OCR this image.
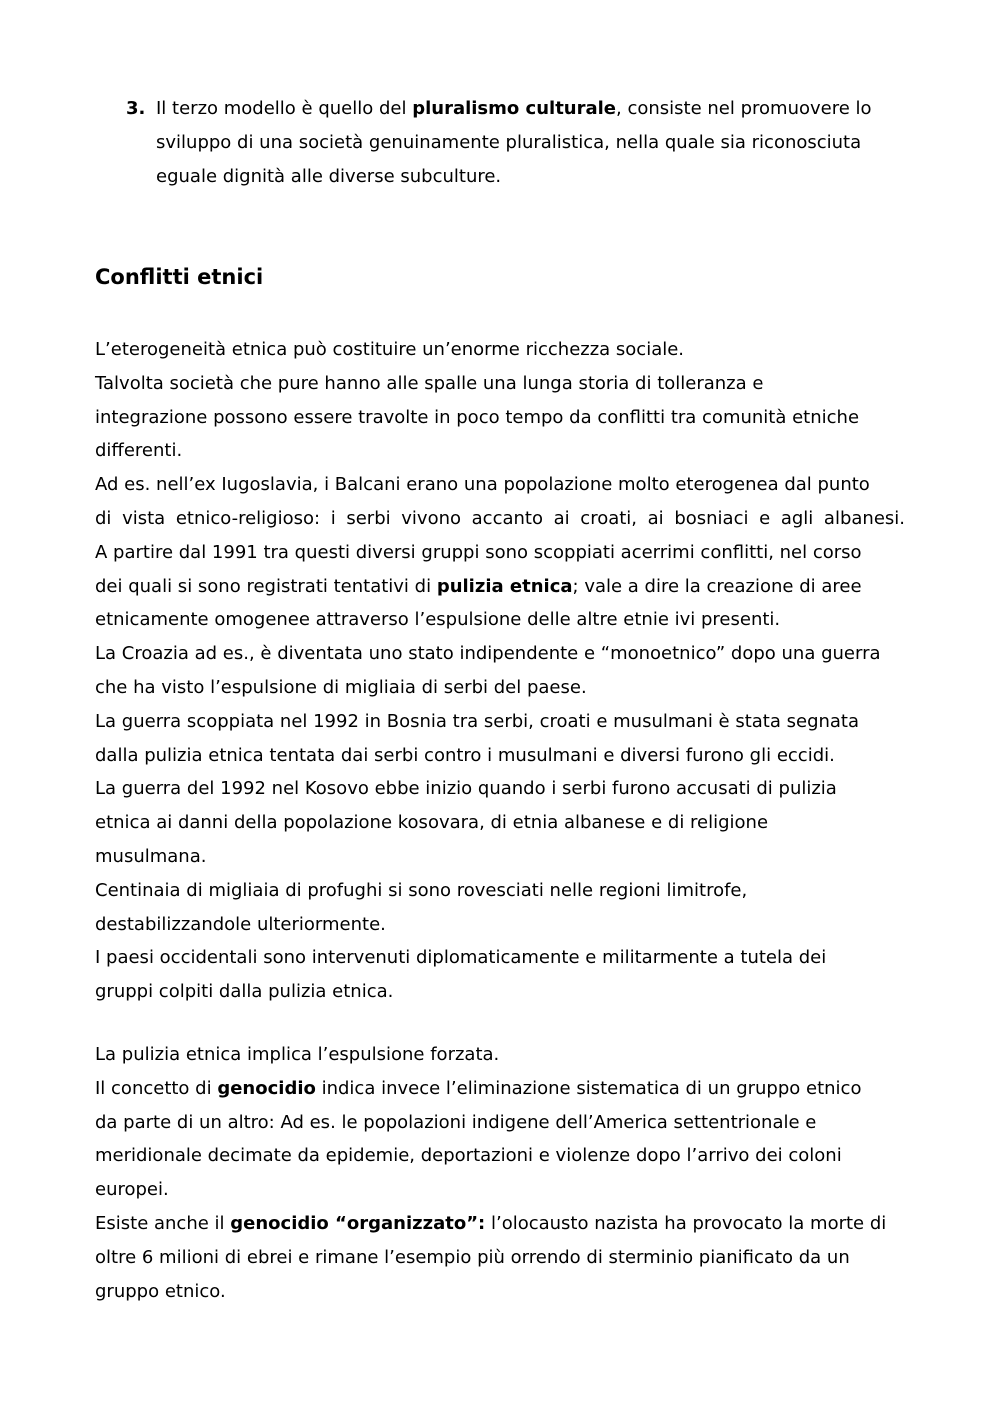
3. Il terzo modello è quello del pluralismo culturale, consiste nel promuovere lo
sviluppo di una società genuinamente pluralistica, nella quale sia riconosciuta
eguale dignità alle diverse subculture.
Conflitti etnici
L’eterogeneità etnica può costituire un’enorme ricchezza sociale.
Talvolta società che pure hanno alle spalle una lunga storia di tolleranza e
integrazione possono essere travolte in poco tempo da conflitti tra comunità etniche
differenti.
Ad es. nell’ex Iugoslavia, i Balcani erano una popolazione molto eterogenea dal punto
di vista etnico-religioso: i serbi vivono accanto ai croati, ai bosniaci e agli albanesi.
A partire dal 1991 tra questi diversi gruppi sono scoppiati acerrimi conflitti, nel corso
dei quali si sono registrati tentativi di pulizia etnica; vale a dire la creazione di aree
etnicamente omogenee attraverso l’espulsione delle altre etnie ivi presenti.
La Croazia ad es., è diventata uno stato indipendente e “monoetnico” dopo una guerra
che ha visto l’espulsione di migliaia di serbi del paese.
La guerra scoppiata nel 1992 in Bosnia tra serbi, croati e musulmani è stata segnata
dalla pulizia etnica tentata dai serbi contro i musulmani e diversi furono gli eccidi.
La guerra del 1992 nel Kosovo ebbe inizio quando i serbi furono accusati di pulizia
etnica ai danni della popolazione kosovara, di etnia albanese e di religione
musulmana.
Centinaia di migliaia di profughi si sono rovesciati nelle regioni limitrofe,
destabilizzandole ulteriormente.
I paesi occidentali sono intervenuti diplomaticamente e militarmente a tutela dei
gruppi colpiti dalla pulizia etnica.
La pulizia etnica implica l’espulsione forzata.
Il concetto di genocidio indica invece l’eliminazione sistematica di un gruppo etnico
da parte di un altro: Ad es. le popolazioni indigene dell’America settentrionale e
meridionale decimate da epidemie, deportazioni e violenze dopo l’arrivo dei coloni
europei.
Esiste anche il genocidio “organizzato”: l’olocausto nazista ha provocato la morte di
oltre 6 milioni di ebrei e rimane l’esempio più orrendo di sterminio pianificato da un
gruppo etnico.
